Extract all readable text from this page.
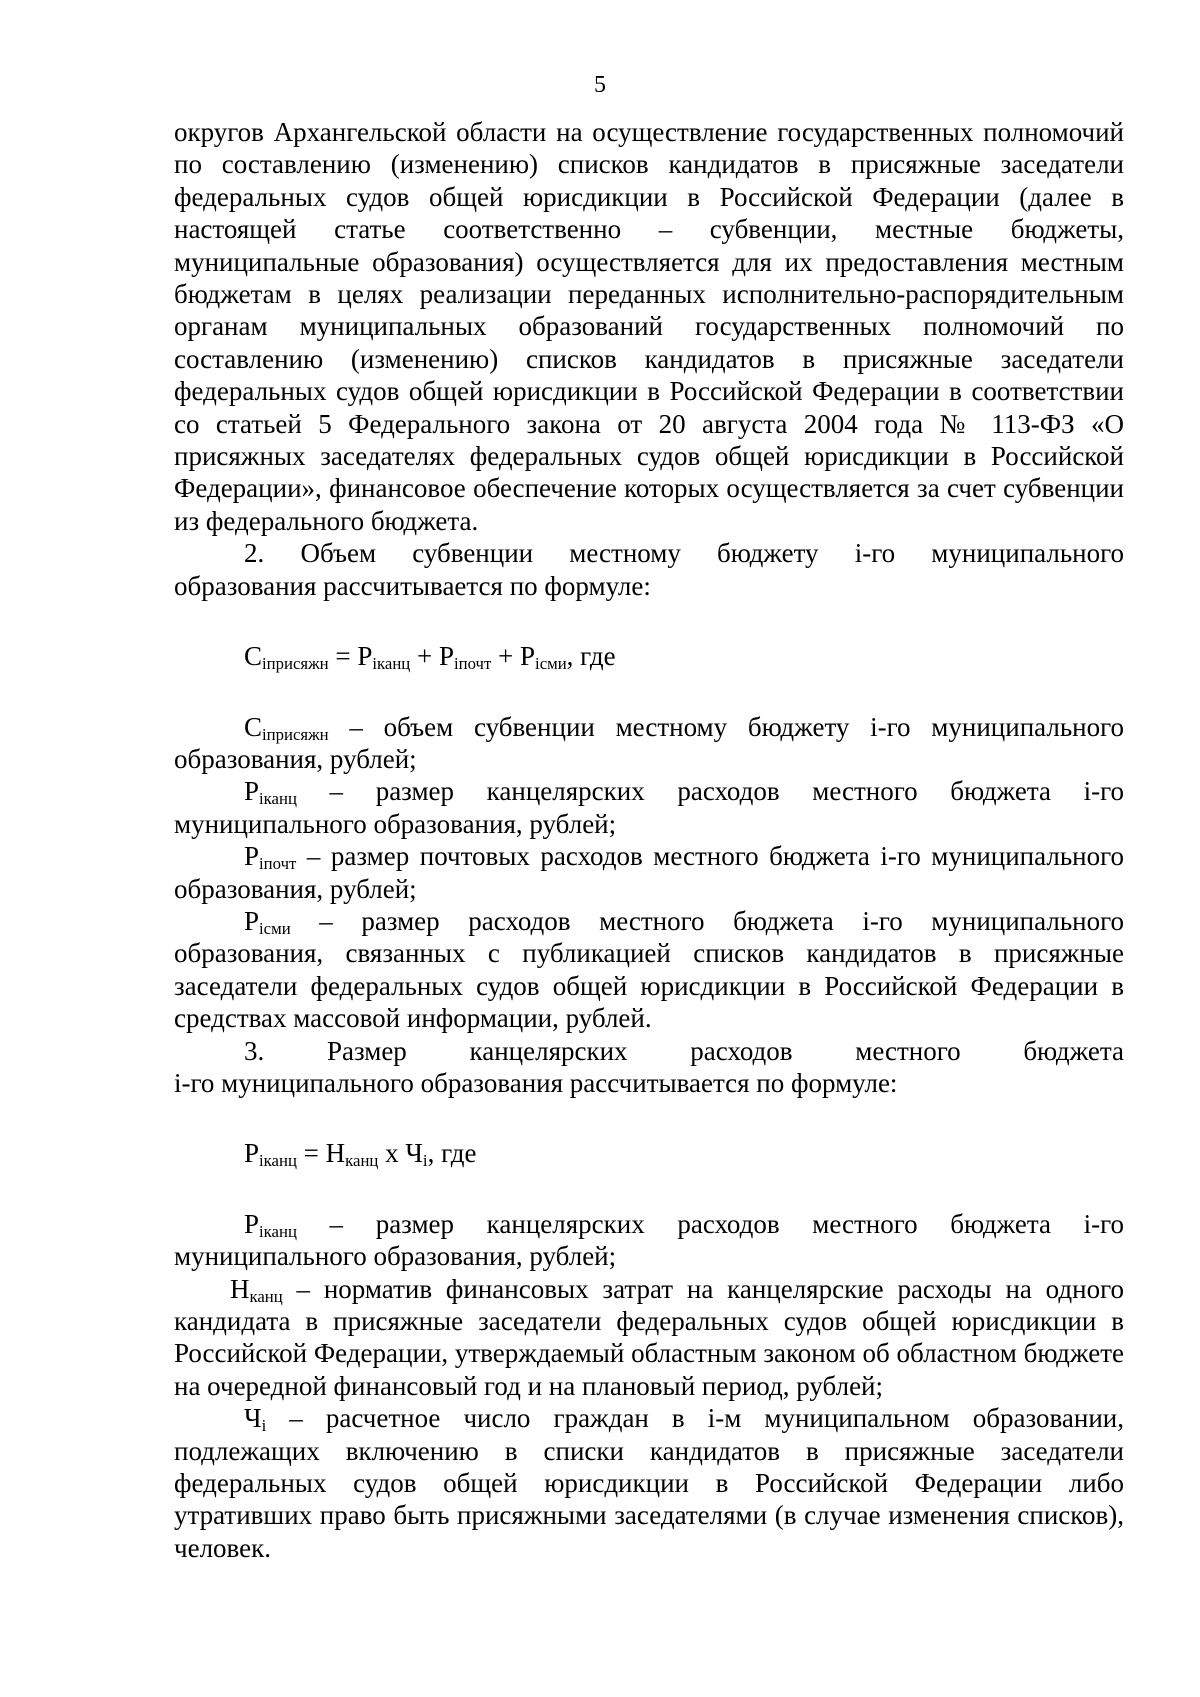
5

округов Архангельской области на осуществление государственных полномочий по составлению (изменению) списков кандидатов в присяжные заседатели федеральных судов общей юрисдикции в Российской Федерации (далее в настоящей статье соответственно – субвенции, местные бюджеты, муниципальные образования) осуществляется для их предоставления местным бюджетам в целях реализации переданных исполнительно-распорядительным органам муниципальных образований государственных полномочий по составлению (изменению) списков кандидатов в присяжные заседатели федеральных судов общей юрисдикции в Российской Федерации в соответствии со статьей 5 Федерального закона от 20 августа 2004 года № 113-ФЗ «О присяжных заседателях федеральных судов общей юрисдикции в Российской Федерации», финансовое обеспечение которых осуществляется за счет субвенции из федерального бюджета.

2. Объем субвенции местному бюджету i-го муниципального

образования рассчитывается по формуле:

$С_{iприсяжн} = Р_{iканц} + Р_{iпочт} + Р_{iсми}$, где

$С_{iприсяжн}$ – объем субвенции местному бюджету i-го муниципального образования, рублей;

$Р_{iканц}$ – размер канцелярских расходов местного бюджета i-го муниципального образования, рублей;

$Р_{iпочт}$ – размер почтовых расходов местного бюджета i-го муниципального образования, рублей;

$Р_{iсми}$ – размер расходов местного бюджета i-го муниципального образования, связанных с публикацией списков кандидатов в присяжные заседатели федеральных судов общей юрисдикции в Российской Федерации в средствах массовой информации, рублей.

3. Размер канцелярских расходов местного бюджета

i-го муниципального образования рассчитывается по формуле:

$Р_{iканц} = Н_{канц}$ x $Ч_i$, где

$Р_{iканц}$ – размер канцелярских расходов местного бюджета i-го муниципального образования, рублей;

$Н_{канц}$ – норматив финансовых затрат на канцелярские расходы на одного кандидата в присяжные заседатели федеральных судов общей юрисдикции в Российской Федерации, утверждаемый областным законом об областном бюджете на очередной финансовый год и на плановый период, рублей;

$Ч_i$ – расчетное число граждан в i-м муниципальном образовании, подлежащих включению в списки кандидатов в присяжные заседатели федеральных судов общей юрисдикции в Российской Федерации либо утративших право быть присяжными заседателями (в случае изменения списков), человек.
